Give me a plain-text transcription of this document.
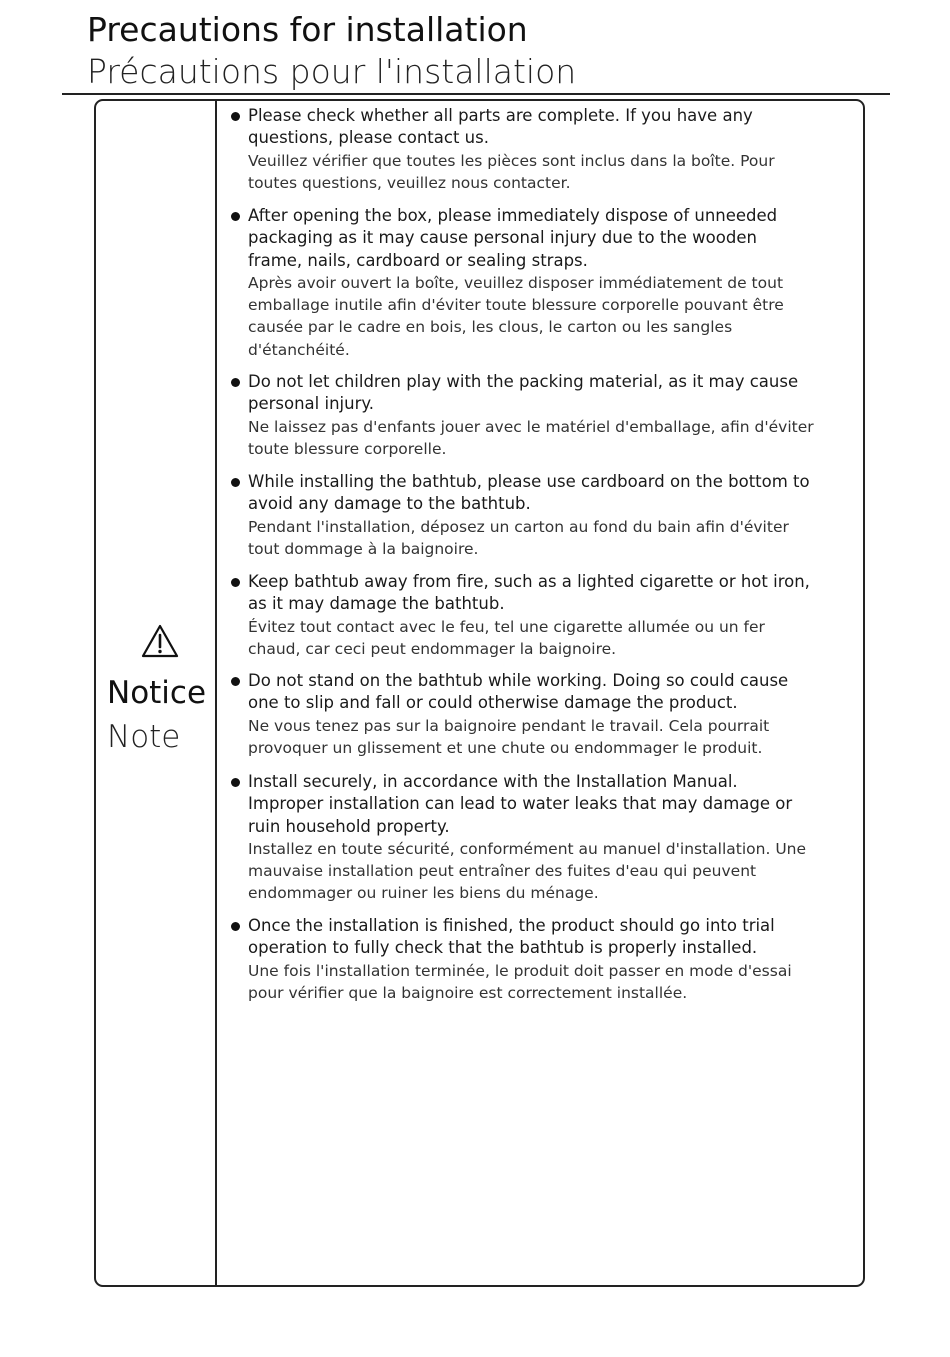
Precautions for installation
Précautions pour l'installation
Notice
Note
Please check whether all parts are complete. If you have any
questions, please contact us.
Veuillez vérifier que toutes les pièces sont inclus dans la boîte. Pour
toutes questions, veuillez nous contacter.
After opening the box, please immediately dispose of unneeded
packaging as it may cause personal injury due to the wooden
frame, nails, cardboard or sealing straps.
Après avoir ouvert la boîte, veuillez disposer immédiatement de tout
emballage inutile afin d'éviter toute blessure corporelle pouvant être
causée par le cadre en bois, les clous, le carton ou les sangles
d'étanchéité.
Do not let children play with the packing material, as it may cause
personal injury.
Ne laissez pas d'enfants jouer avec le matériel d'emballage, afin d'éviter
toute blessure corporelle.
While installing the bathtub, please use cardboard on the bottom to
avoid any damage to the bathtub.
Pendant l'installation, déposez un carton au fond du bain afin d'éviter
tout dommage à la baignoire.
Keep bathtub away from fire, such as a lighted cigarette or hot iron,
as it may damage the bathtub.
Évitez tout contact avec le feu, tel une cigarette allumée ou un fer
chaud, car ceci peut endommager la baignoire.
Do not stand on the bathtub while working. Doing so could cause
one to slip and fall or could otherwise damage the product.
Ne vous tenez pas sur la baignoire pendant le travail. Cela pourrait
provoquer un glissement et une chute ou endommager le produit.
Install securely, in accordance with the Installation Manual.
Improper installation can lead to water leaks that may damage or
ruin household property.
Installez en toute sécurité, conformément au manuel d'installation. Une
mauvaise installation peut entraîner des fuites d'eau qui peuvent
endommager ou ruiner les biens du ménage.
Once the installation is finished, the product should go into trial
operation to fully check that the bathtub is properly installed.
Une fois l'installation terminée, le produit doit passer en mode d'essai
pour vérifier que la baignoire est correctement installée.
